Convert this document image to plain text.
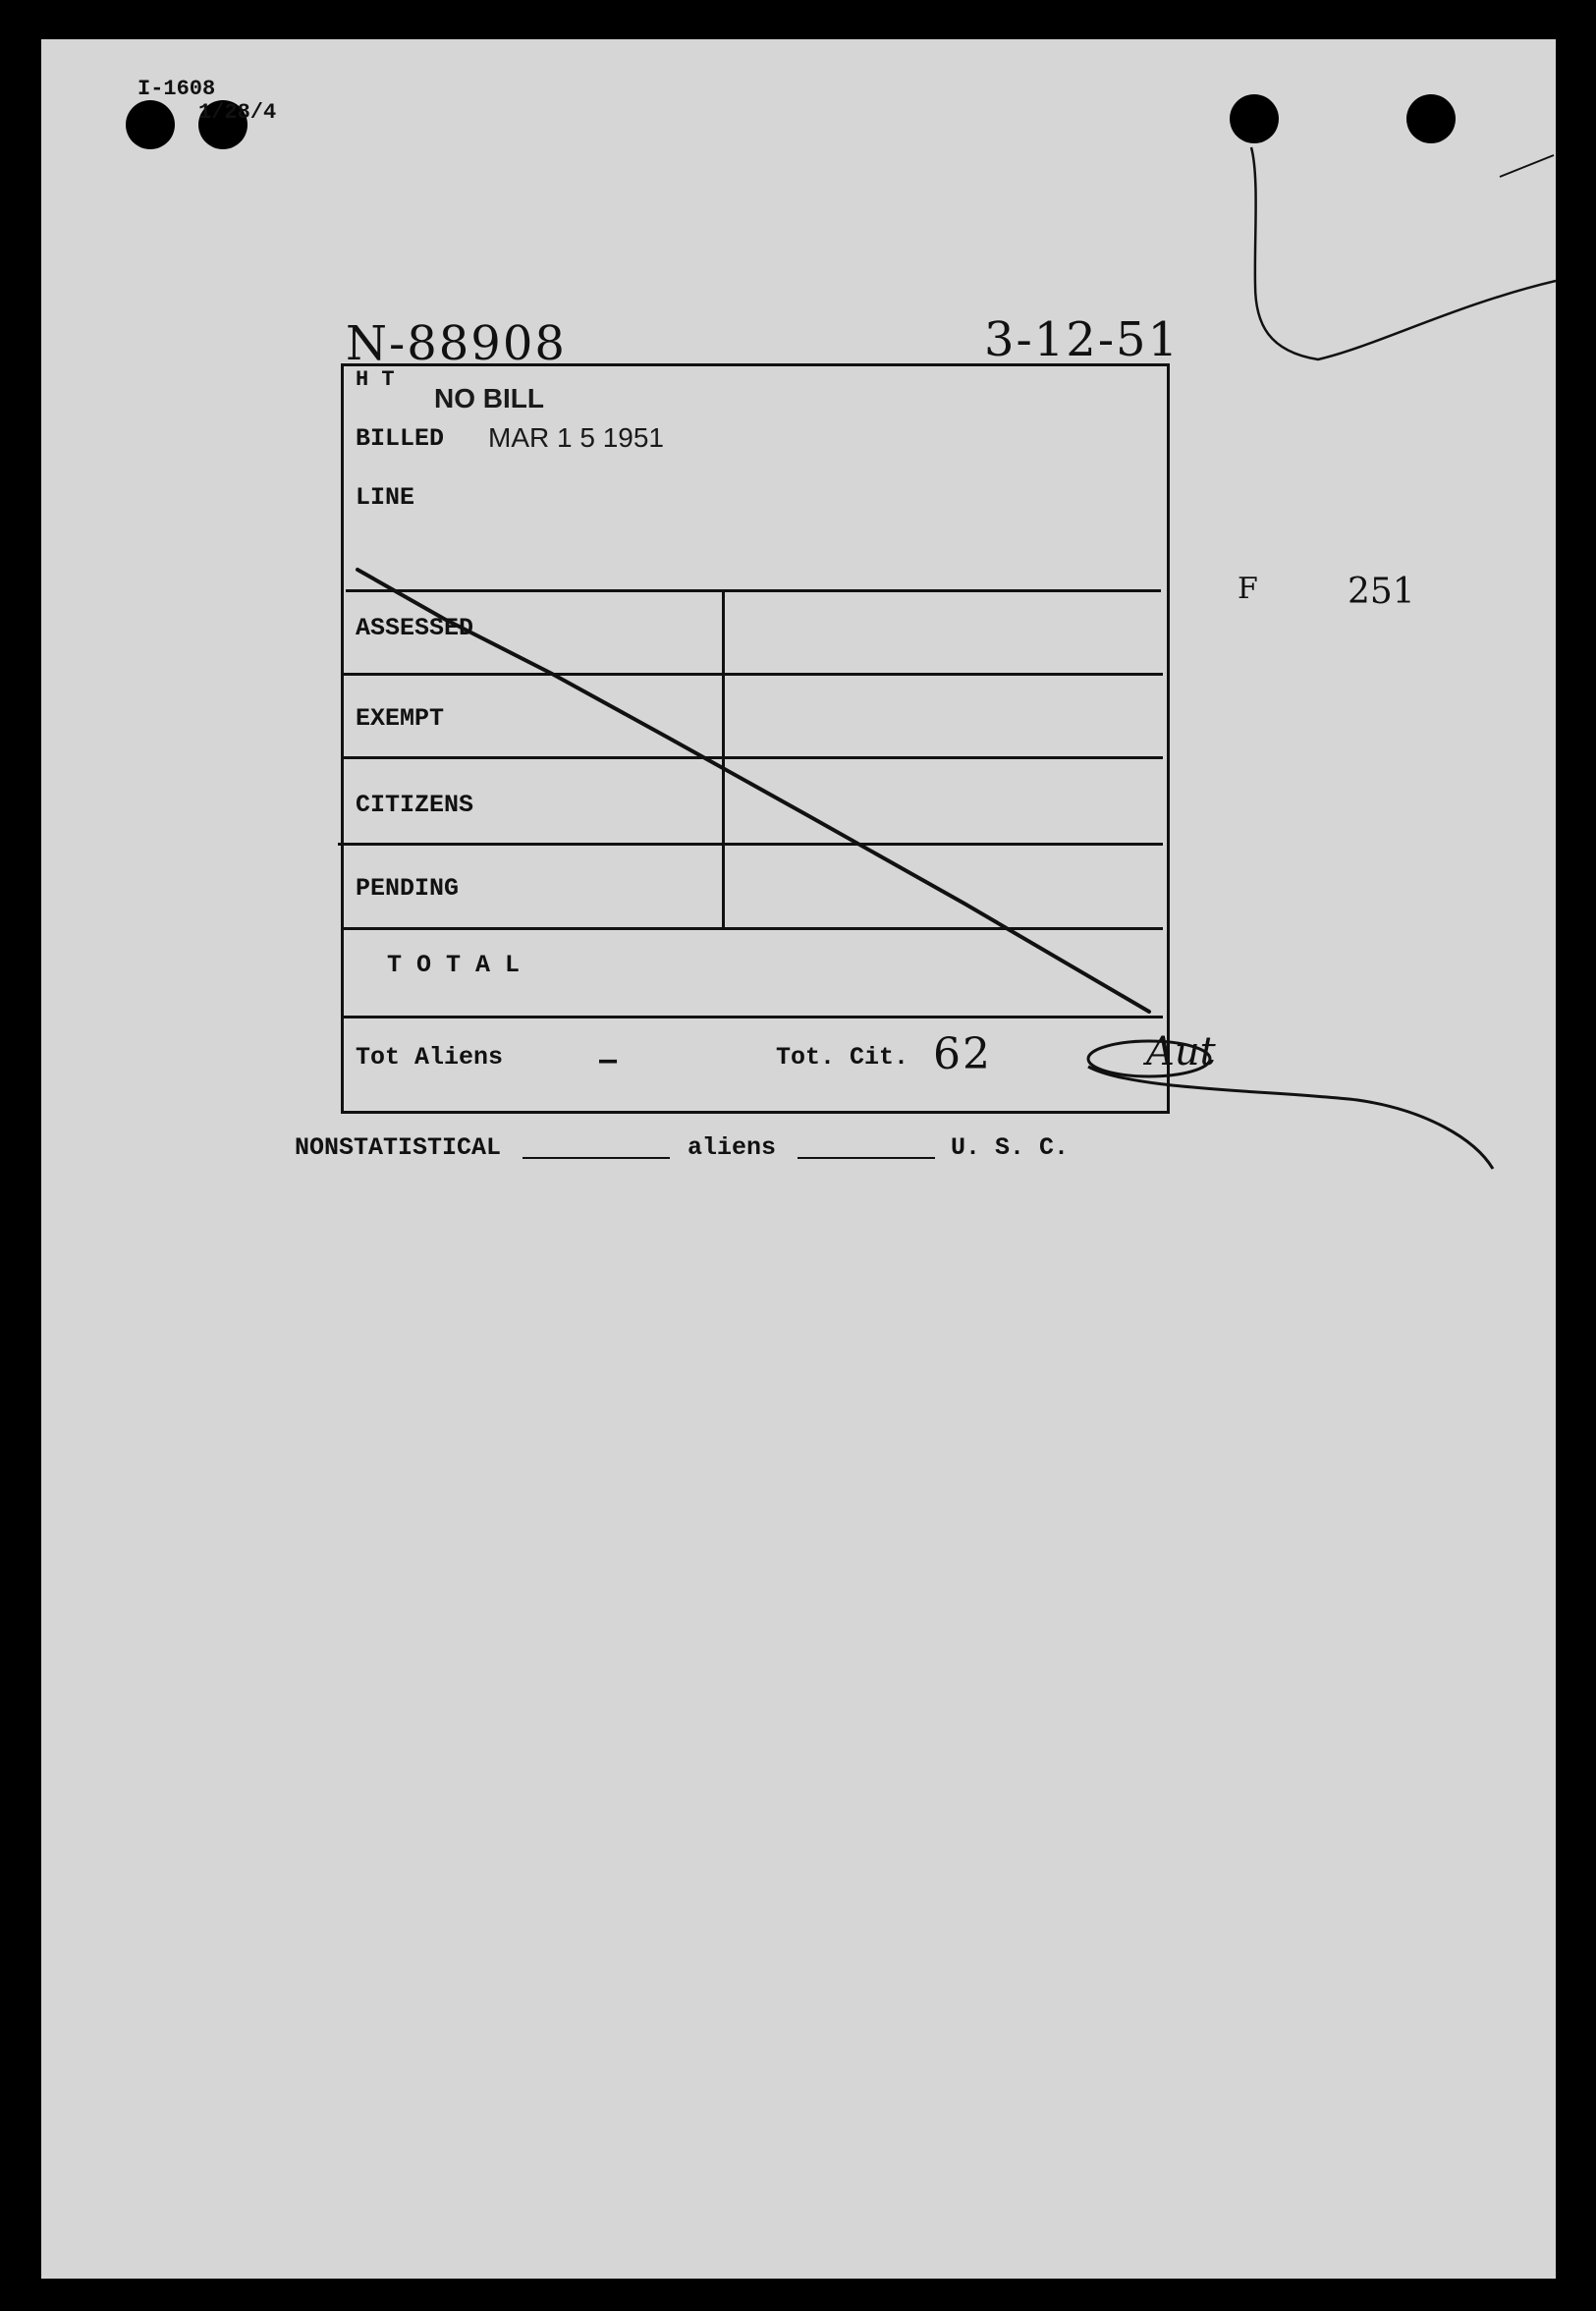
I-1608
1/28/4
N-88908	3-12-51
F	251
H T
NO BILL
BILLED MAR 1 5 1951
LINE
ASSESSED
EXEMPT
CITIZENS
PENDING
T O T A L
Tot Aliens	—	Tot. Cit. 62	Aut
NONSTATISTICAL	aliens	U. S. C.
